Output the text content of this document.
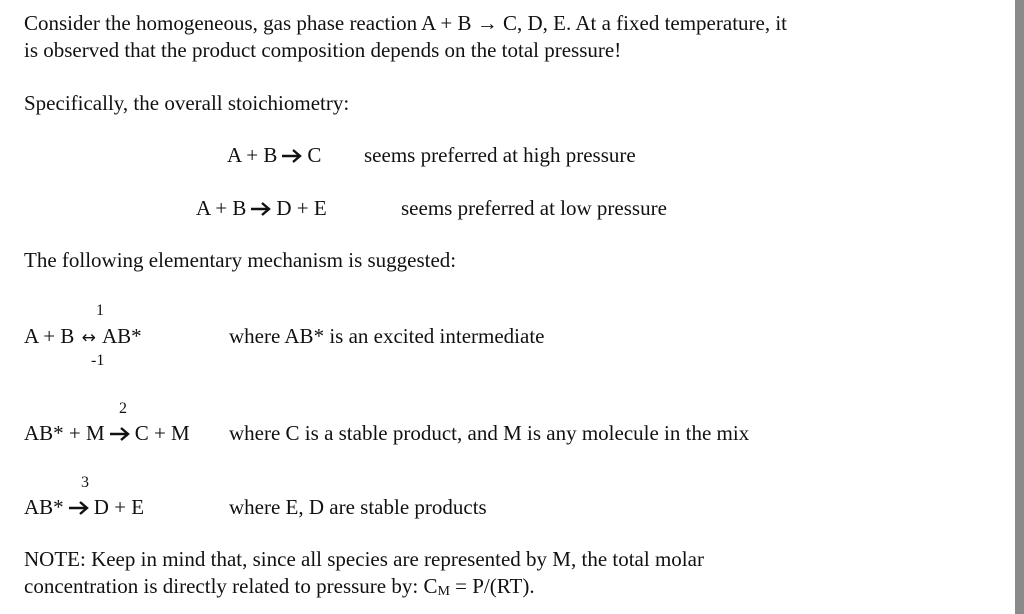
Consider the homogeneous, gas phase reaction A + B → C, D, E. At a fixed temperature, it
is observed that the product composition depends on the total pressure!
Specifically, the overall stoichiometry:
A + B → C seems preferred at high pressure
A + B → D + E	seems preferred at low pressure
The following elementary mechanism is suggested:
1
A + B ↔ AB*
-1
where AB* is an excited intermediate
2
AB* + M → C + M where C is a stable product, and M is any molecule in the mix
3
AB* → D + E	where E, D are stable products
NOTE: Keep in mind that, since all species are represented by M, the total molar
concentration is directly related to pressure by: CM = P/(RT).
